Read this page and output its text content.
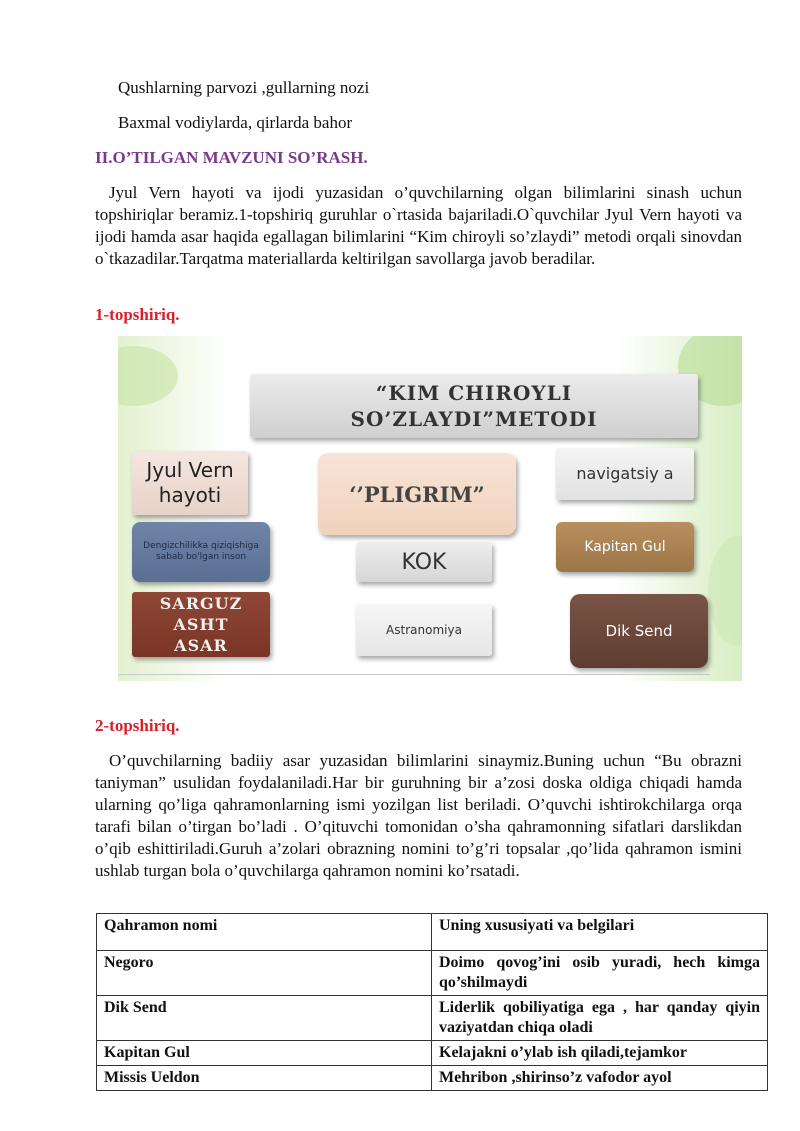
Qushlarning parvozi ,gullarning nozi
Baxmal vodiylarda, qirlarda bahor
II.O’TILGAN MAVZUNI SO’RASH.
Jyul Vern hayoti va ijodi yuzasidan o’quvchilarning olgan bilimlarini sinash uchun topshiriqlar beramiz.1-topshiriq guruhlar o`rtasida bajariladi.O`quvchilar Jyul Vern hayoti va ijodi hamda asar haqida egallagan bilimlarini “Kim chiroyli so’zlaydi” metodi orqali sinovdan o`tkazadilar.Tarqatma materiallarda keltirilgan savollarga javob beradilar.
1-topshiriq.
“KIM CHIROYLI
SO’ZLAYDI”METODI
Jyul Vern hayoti	‘’PLIGRIM”
navigatsiy a
Dengizchilikka qiziqishiga sabab bo'lgan inson	KOK
Kapitan Gul
SARGUZ
ASHT
ASAR
Astranomiya	Dik Send
2-topshiriq.
O’quvchilarning badiiy asar yuzasidan bilimlarini sinaymiz.Buning uchun “Bu obrazni taniyman” usulidan foydalaniladi.Har bir guruhning bir a’zosi doska oldiga chiqadi hamda ularning qo’liga qahramonlarning ismi yozilgan list beriladi. O’quvchi ishtirokchilarga orqa tarafi bilan o’tirgan bo’ladi . O’qituvchi tomonidan o’sha qahramonning sifatlari darslikdan o’qib eshittiriladi.Guruh a’zolari obrazning nomini to’g’ri topsalar ,qo’lida qahramon ismini ushlab turgan bola o’quvchilarga qahramon nomini ko’rsatadi.
Qahramon nomi	Uning xususiyati va belgilari
Negoro	Doimo qovog’ini osib yuradi, hech kimga qo’shilmaydi
Dik Send	Liderlik qobiliyatiga ega , har qanday qiyin vaziyatdan chiqa oladi
Kapitan Gul	Kelajakni o’ylab ish qiladi,tejamkor
Missis Ueldon	Mehribon ,shirinso’z vafodor ayol
